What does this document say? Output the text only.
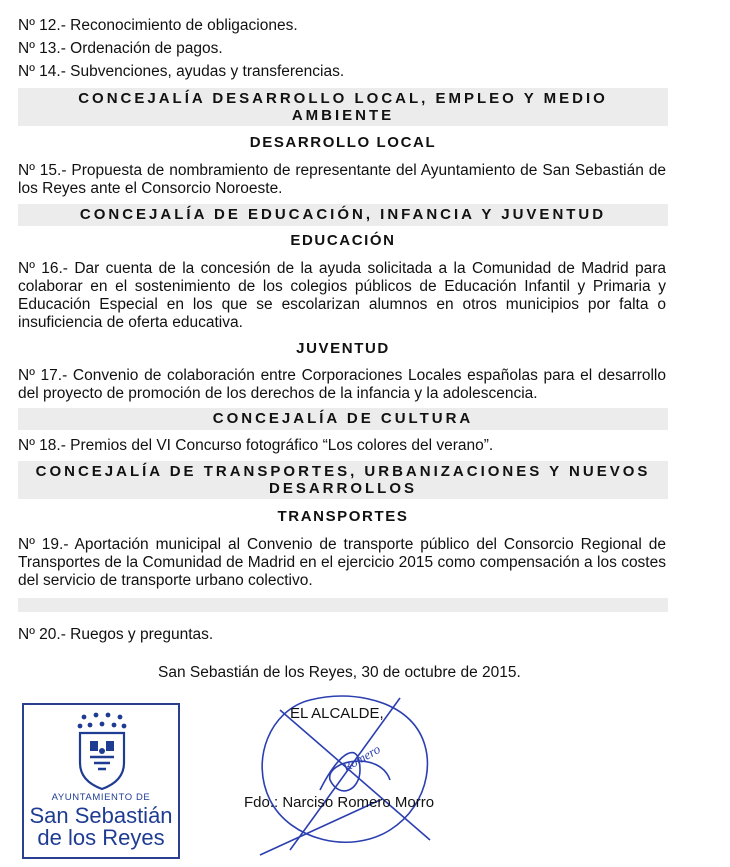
Nº 12.- Reconocimiento de obligaciones.
Nº 13.- Ordenación de pagos.
Nº 14.- Subvenciones, ayudas y transferencias.
CONCEJALÍA DESARROLLO LOCAL, EMPLEO Y MEDIO
AMBIENTE
DESARROLLO LOCAL
Nº 15.- Propuesta de nombramiento de representante del Ayuntamiento de San Sebastián de los Reyes ante el Consorcio Noroeste.
CONCEJALÍA DE EDUCACIÓN, INFANCIA Y JUVENTUD
EDUCACIÓN
Nº 16.- Dar cuenta de la concesión de la ayuda solicitada a la Comunidad de Madrid para colaborar en el sostenimiento de los colegios públicos de Educación Infantil y Primaria y Educación Especial en los que se escolarizan alumnos en otros municipios por falta o insuficiencia de oferta educativa.
JUVENTUD
Nº 17.- Convenio de colaboración entre Corporaciones Locales españolas para el desarrollo del proyecto de promoción de los derechos de la infancia y la adolescencia.
CONCEJALÍA DE CULTURA
Nº 18.- Premios del VI Concurso fotográfico “Los colores del verano”.
CONCEJALÍA DE TRANSPORTES, URBANIZACIONES Y NUEVOS
DESARROLLOS
TRANSPORTES
Nº 19.- Aportación municipal al Convenio de transporte público del Consorcio Regional de Transportes de la Comunidad de Madrid en el ejercicio 2015 como compensación a los costes del servicio de transporte urbano colectivo.
Nº 20.- Ruegos y preguntas.
San Sebastián de los Reyes, 30 de octubre de 2015.
AYUNTAMIENTO DE
San Sebastián
de los Reyes
Romero
EL ALCALDE,
Fdo.: Narciso Romero Morro
